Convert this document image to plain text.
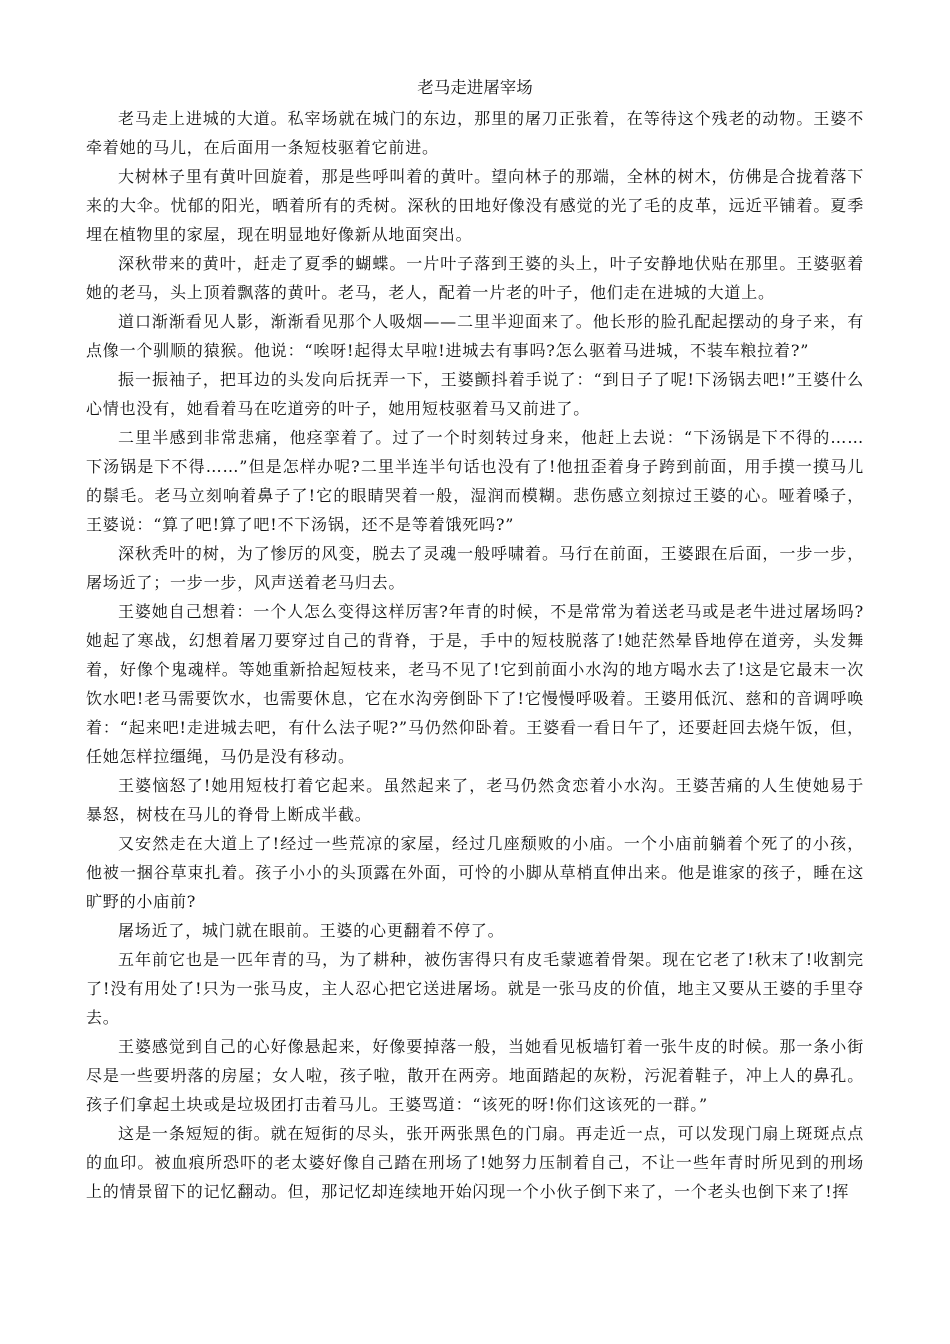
老马走进屠宰场

老马走上进城的大道。私宰场就在城门的东边，那里的屠刀正张着，在等待这个残老的动物。王婆不牵着她的马儿，在后面用一条短枝驱着它前进。

大树林子里有黄叶回旋着，那是些呼叫着的黄叶。望向林子的那端，全林的树木，仿佛是合拢着落下来的大伞。忧郁的阳光，晒着所有的秃树。深秋的田地好像没有感觉的光了毛的皮革，远近平铺着。夏季埋在植物里的家屋，现在明显地好像新从地面突出。

深秋带来的黄叶，赶走了夏季的蝴蝶。一片叶子落到王婆的头上，叶子安静地伏贴在那里。王婆驱着她的老马，头上顶着飘落的黄叶。老马，老人，配着一片老的叶子，他们走在进城的大道上。

道口渐渐看见人影，渐渐看见那个人吸烟——二里半迎面来了。他长形的脸孔配起摆动的身子来，有点像一个驯顺的猿猴。他说：“唉呀!起得太早啦!进城去有事吗?怎么驱着马进城，不装车粮拉着?”

振一振袖子，把耳边的头发向后抚弄一下，王婆颤抖着手说了：“到日子了呢!下汤锅去吧!”王婆什么心情也没有，她看着马在吃道旁的叶子，她用短枝驱着马又前进了。

二里半感到非常悲痛，他痉挛着了。过了一个时刻转过身来，他赶上去说：“下汤锅是下不得的……下汤锅是下不得……”但是怎样办呢?二里半连半句话也没有了!他扭歪着身子跨到前面，用手摸一摸马儿的鬃毛。老马立刻响着鼻子了!它的眼睛哭着一般，湿润而模糊。悲伤感立刻掠过王婆的心。哑着嗓子，王婆说：“算了吧!算了吧!不下汤锅，还不是等着饿死吗?”

深秋秃叶的树，为了惨厉的风变，脱去了灵魂一般呼啸着。马行在前面，王婆跟在后面，一步一步，屠场近了；一步一步，风声送着老马归去。

王婆她自己想着：一个人怎么变得这样厉害?年青的时候，不是常常为着送老马或是老牛进过屠场吗?她起了寒战，幻想着屠刀要穿过自己的背脊，于是，手中的短枝脱落了!她茫然晕昏地停在道旁，头发舞着，好像个鬼魂样。等她重新拾起短枝来，老马不见了!它到前面小水沟的地方喝水去了!这是它最末一次饮水吧!老马需要饮水，也需要休息，它在水沟旁倒卧下了!它慢慢呼吸着。王婆用低沉、慈和的音调呼唤着：“起来吧!走进城去吧，有什么法子呢?”马仍然仰卧着。王婆看一看日午了，还要赶回去烧午饭，但，任她怎样拉缰绳，马仍是没有移动。

王婆恼怒了!她用短枝打着它起来。虽然起来了，老马仍然贪恋着小水沟。王婆苦痛的人生使她易于暴怒，树枝在马儿的脊骨上断成半截。

又安然走在大道上了!经过一些荒凉的家屋，经过几座颓败的小庙。一个小庙前躺着个死了的小孩，他被一捆谷草束扎着。孩子小小的头顶露在外面，可怜的小脚从草梢直伸出来。他是谁家的孩子，睡在这旷野的小庙前?

屠场近了，城门就在眼前。王婆的心更翻着不停了。

五年前它也是一匹年青的马，为了耕种，被伤害得只有皮毛蒙遮着骨架。现在它老了!秋末了!收割完了!没有用处了!只为一张马皮，主人忍心把它送进屠场。就是一张马皮的价值，地主又要从王婆的手里夺去。

王婆感觉到自己的心好像悬起来，好像要掉落一般，当她看见板墙钉着一张牛皮的时候。那一条小街尽是一些要坍落的房屋；女人啦，孩子啦，散开在两旁。地面踏起的灰粉，污泥着鞋子，冲上人的鼻孔。孩子们拿起土块或是垃圾团打击着马儿。王婆骂道：“该死的呀!你们这该死的一群。”

这是一条短短的街。就在短街的尽头，张开两张黑色的门扇。再走近一点，可以发现门扇上斑斑点点的血印。被血痕所恐吓的老太婆好像自己踏在刑场了!她努力压制着自己，不让一些年青时所见到的刑场上的情景留下的记忆翻动。但，那记忆却连续地开始闪现一个小伙子倒下来了，一个老头也倒下来了!挥
